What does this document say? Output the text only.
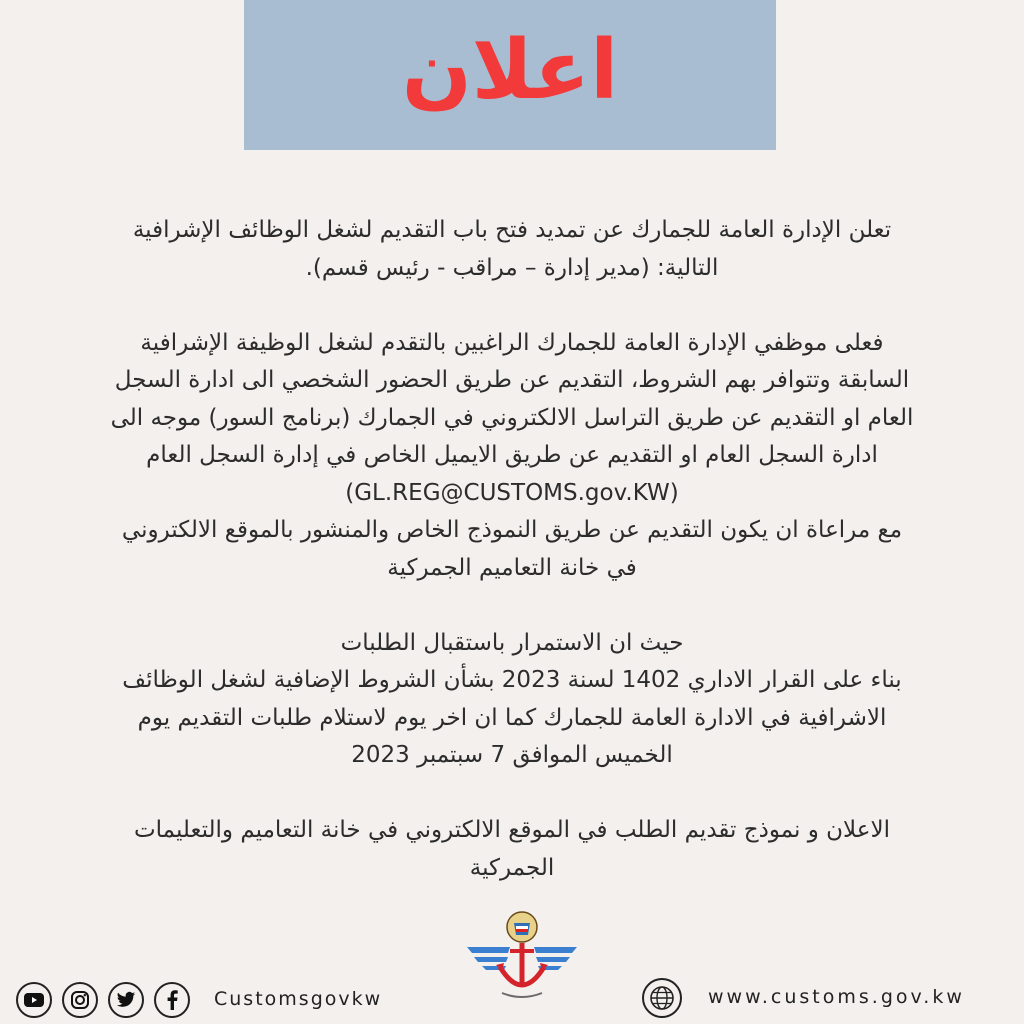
اعلان

تعلن الإدارة العامة للجمارك عن تمديد فتح باب التقديم لشغل الوظائف الإشرافية
التالية: (مدير إدارة – مراقب - رئيس قسم).

فعلى موظفي الإدارة العامة للجمارك الراغبين بالتقدم لشغل الوظيفة الإشرافية
السابقة وتتوافر بهم الشروط، التقديم عن طريق الحضور الشخصي الى ادارة السجل
العام او التقديم عن طريق التراسل الالكتروني في الجمارك (برنامج السور) موجه الى
ادارة السجل العام او التقديم عن طريق الايميل الخاص في إدارة السجل العام
(GL.REG@CUSTOMS.gov.KW)
مع مراعاة ان يكون التقديم عن طريق النموذج الخاص والمنشور بالموقع الالكتروني
في خانة التعاميم الجمركية

حيث ان الاستمرار باستقبال الطلبات
بناء على القرار الاداري 1402 لسنة 2023 بشأن الشروط الإضافية لشغل الوظائف
الاشرافية في الادارة العامة للجمارك كما ان اخر يوم لاستلام طلبات التقديم يوم
الخميس الموافق 7 سبتمبر 2023

الاعلان و نموذج تقديم الطلب في الموقع الالكتروني في خانة التعاميم والتعليمات
الجمركية

Customsgovkw	www.customs.gov.kw
